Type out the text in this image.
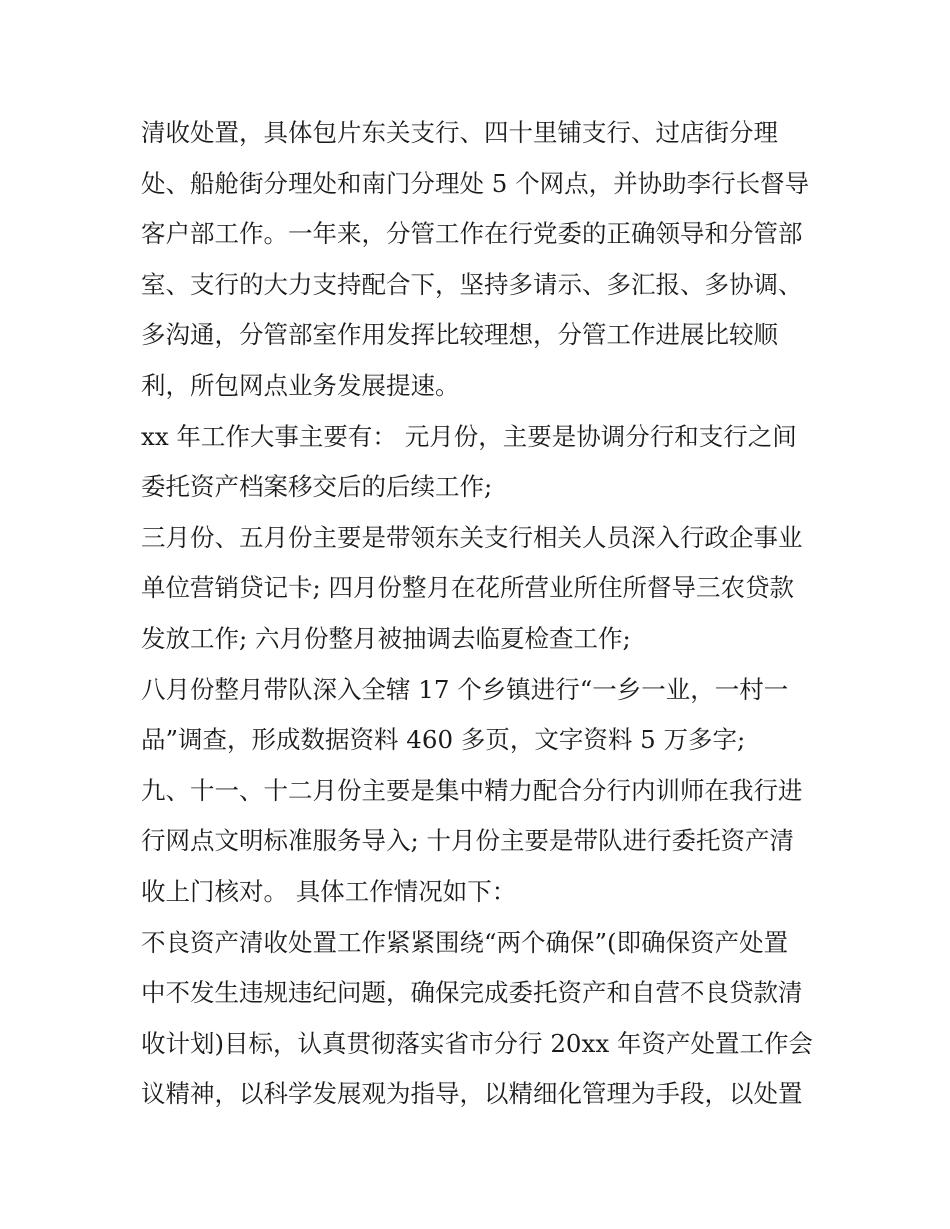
清收处置，具体包片东关支行、四十里铺支行、过店街分理
处、船舱街分理处和南门分理处 5 个网点，并协助李行长督导
客户部工作。一年来，分管工作在行党委的正确领导和分管部
室、支行的大力支持配合下，坚持多请示、多汇报、多协调、
多沟通，分管部室作用发挥比较理想，分管工作进展比较顺
利，所包网点业务发展提速。
xx 年工作大事主要有： 元月份，主要是协调分行和支行之间
委托资产档案移交后的后续工作;
三月份、五月份主要是带领东关支行相关人员深入行政企事业
单位营销贷记卡; 四月份整月在花所营业所住所督导三农贷款
发放工作; 六月份整月被抽调去临夏检查工作;
八月份整月带队深入全辖 17 个乡镇进行“一乡一业，一村一
品”调查，形成数据资料 460 多页，文字资料 5 万多字;
九、十一、十二月份主要是集中精力配合分行内训师在我行进
行网点文明标准服务导入; 十月份主要是带队进行委托资产清
收上门核对。 具体工作情况如下：
不良资产清收处置工作紧紧围绕“两个确保”(即确保资产处置
中不发生违规违纪问题，确保完成委托资产和自营不良贷款清
收计划)目标，认真贯彻落实省市分行 20xx 年资产处置工作会
议精神，以科学发展观为指导，以精细化管理为手段，以处置
